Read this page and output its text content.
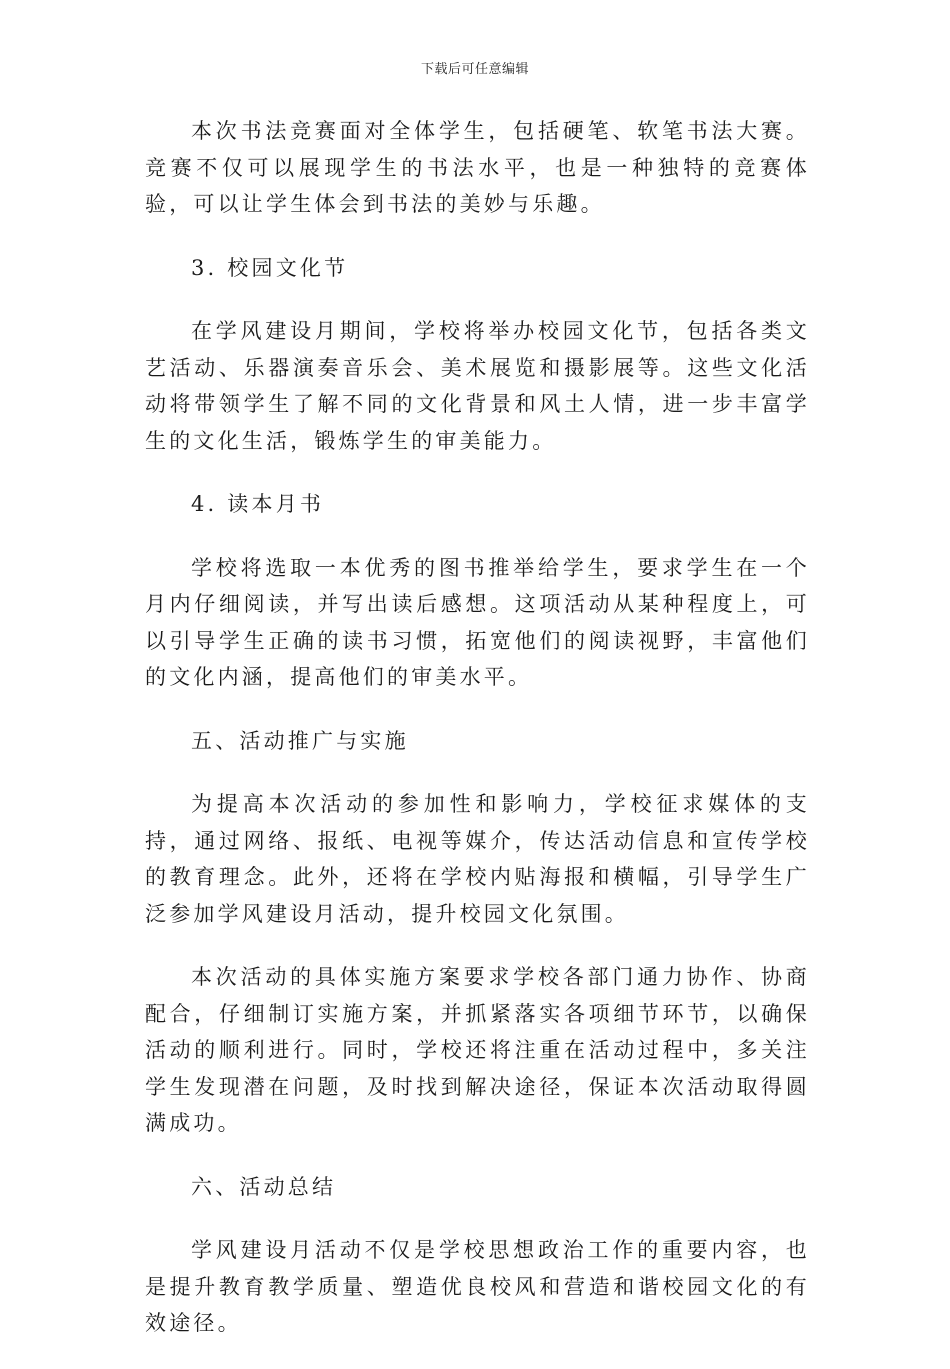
下载后可任意编辑

本次书法竞赛面对全体学生，包括硬笔、软笔书法大赛。竞赛不仅可以展现学生的书法水平，也是一种独特的竞赛体验，可以让学生体会到书法的美妙与乐趣。

3. 校园文化节

在学风建设月期间，学校将举办校园文化节，包括各类文艺活动、乐器演奏音乐会、美术展览和摄影展等。这些文化活动将带领学生了解不同的文化背景和风土人情，进一步丰富学生的文化生活，锻炼学生的审美能力。

4. 读本月书

学校将选取一本优秀的图书推举给学生，要求学生在一个月内仔细阅读，并写出读后感想。这项活动从某种程度上，可以引导学生正确的读书习惯，拓宽他们的阅读视野，丰富他们的文化内涵，提高他们的审美水平。

五、活动推广与实施

为提高本次活动的参加性和影响力，学校征求媒体的支持，通过网络、报纸、电视等媒介，传达活动信息和宣传学校的教育理念。此外，还将在学校内贴海报和横幅，引导学生广泛参加学风建设月活动，提升校园文化氛围。

本次活动的具体实施方案要求学校各部门通力协作、协商配合，仔细制订实施方案，并抓紧落实各项细节环节，以确保活动的顺利进行。同时，学校还将注重在活动过程中，多关注学生发现潜在问题，及时找到解决途径，保证本次活动取得圆满成功。

六、活动总结

学风建设月活动不仅是学校思想政治工作的重要内容，也是提升教育教学质量、塑造优良校风和营造和谐校园文化的有效途径。
